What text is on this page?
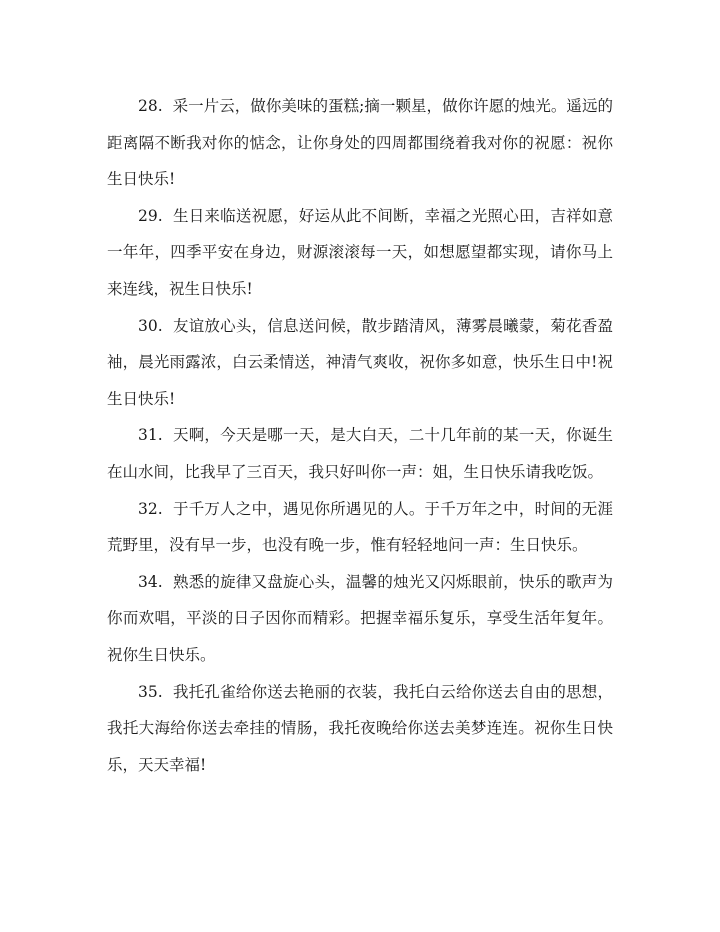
28. 采一片云，做你美味的蛋糕;摘一颗星，做你许愿的烛光。遥远的距离隔不断我对你的惦念，让你身处的四周都围绕着我对你的祝愿：祝你生日快乐!

29. 生日来临送祝愿，好运从此不间断，幸福之光照心田，吉祥如意一年年，四季平安在身边，财源滚滚每一天，如想愿望都实现，请你马上来连线，祝生日快乐!

30. 友谊放心头，信息送问候，散步踏清风，薄雾晨曦蒙，菊花香盈袖，晨光雨露浓，白云柔情送，神清气爽收，祝你多如意，快乐生日中!祝生日快乐!

31. 天啊，今天是哪一天，是大白天，二十几年前的某一天，你诞生在山水间，比我早了三百天，我只好叫你一声：姐，生日快乐请我吃饭。

32. 于千万人之中，遇见你所遇见的人。于千万年之中，时间的无涯荒野里，没有早一步，也没有晚一步，惟有轻轻地问一声：生日快乐。

34. 熟悉的旋律又盘旋心头，温馨的烛光又闪烁眼前，快乐的歌声为你而欢唱，平淡的日子因你而精彩。把握幸福乐复乐，享受生活年复年。祝你生日快乐。

35. 我托孔雀给你送去艳丽的衣装，我托白云给你送去自由的思想，我托大海给你送去牵挂的情肠，我托夜晚给你送去美梦连连。祝你生日快乐，天天幸福!
